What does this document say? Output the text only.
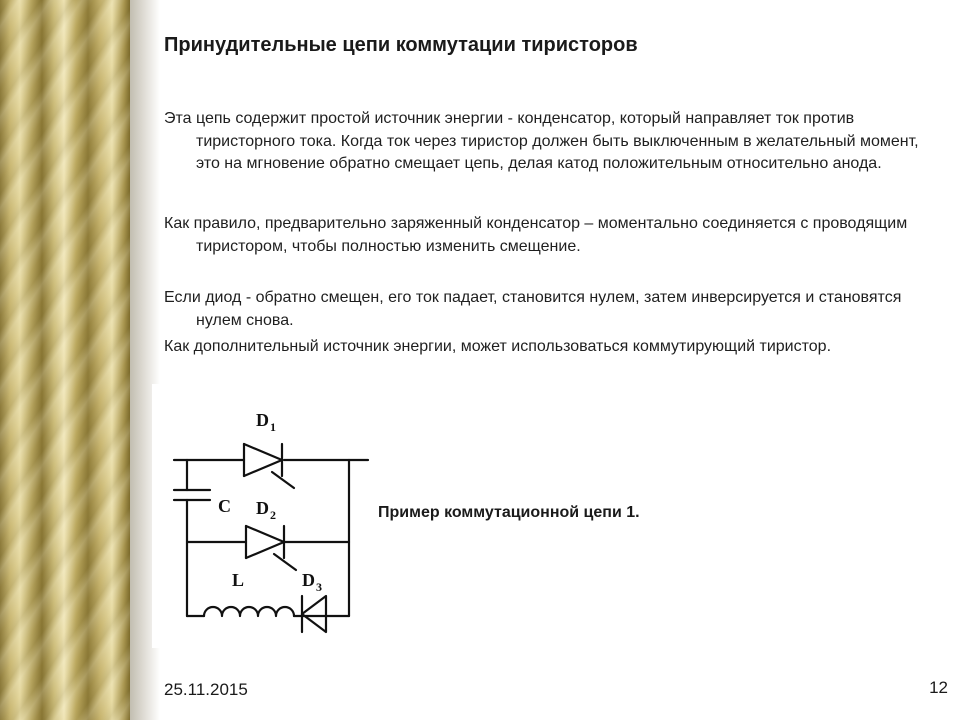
Принудительные цепи коммутации тиристоров

Эта цепь содержит простой источник энергии - конденсатор, который направляет ток против тиристорного тока. Когда ток через тиристор должен быть выключенным в желательный момент, это на мгновение обратно смещает цепь, делая катод положительным относительно анода.

Как правило, предварительно заряженный конденсатор – моментально соединяется с проводящим тиристором, чтобы полностью изменить смещение.

Если диод - обратно смещен, его ток падает, становится нулем, затем инверсируется и становятся нулем снова.

Как дополнительный источник энергии, может использоваться коммутирующий тиристор.

D 1
D 2
C
L	D 3
Пример коммутационной цепи 1.
25.11.2015	12
